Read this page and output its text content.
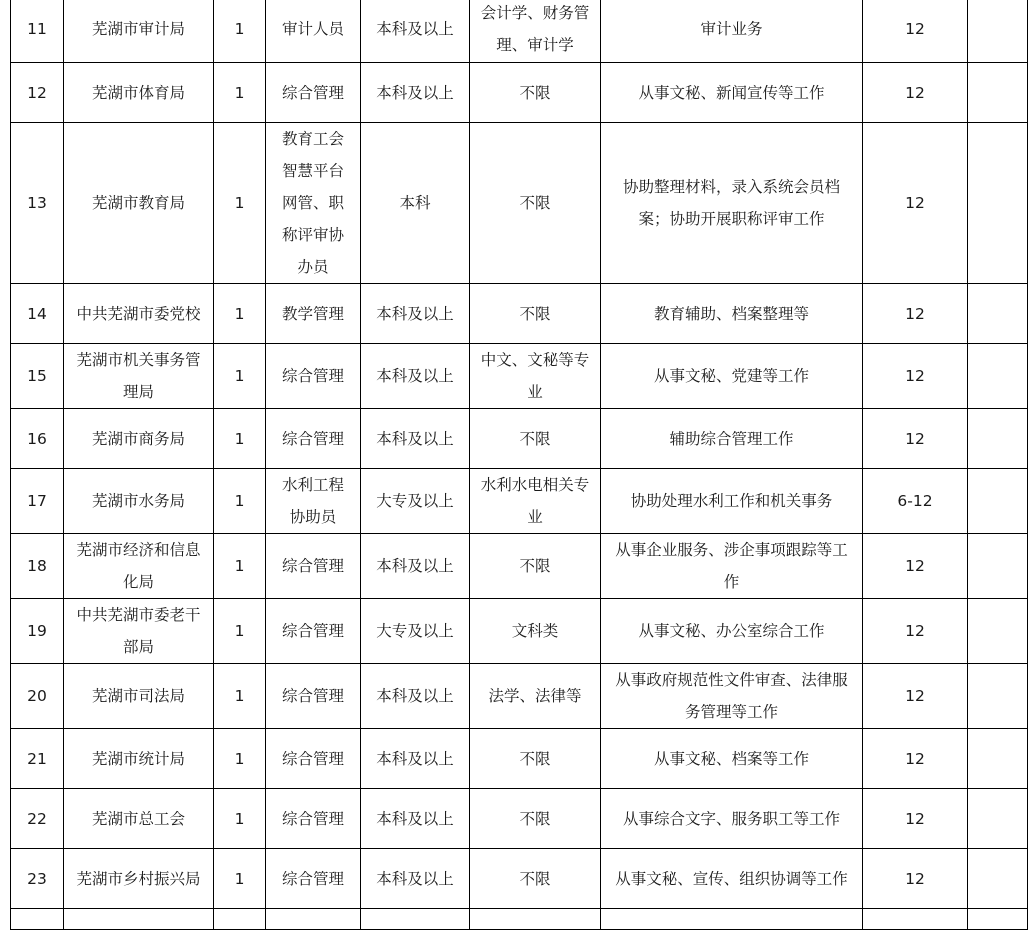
11	芜湖市审计局	1	审计人员	本科及以上	会计学、财务管理、审计学	审计业务	12	
12	芜湖市体育局	1	综合管理	本科及以上	不限	从事文秘、新闻宣传等工作	12	
13	芜湖市教育局	1	教育工会智慧平台网管、职称评审协办员	本科	不限	协助整理材料，录入系统会员档案；协助开展职称评审工作	12	
14	中共芜湖市委党校	1	教学管理	本科及以上	不限	教育辅助、档案整理等	12	
15	芜湖市机关事务管理局	1	综合管理	本科及以上	中文、文秘等专业	从事文秘、党建等工作	12	
16	芜湖市商务局	1	综合管理	本科及以上	不限	辅助综合管理工作	12	
17	芜湖市水务局	1	水利工程协助员	大专及以上	水利水电相关专业	协助处理水利工作和机关事务	6-12	
18	芜湖市经济和信息化局	1	综合管理	本科及以上	不限	从事企业服务、涉企事项跟踪等工作	12	
19	中共芜湖市委老干部局	1	综合管理	大专及以上	文科类	从事文秘、办公室综合工作	12	
20	芜湖市司法局	1	综合管理	本科及以上	法学、法律等	从事政府规范性文件审查、法律服务管理等工作	12	
21	芜湖市统计局	1	综合管理	本科及以上	不限	从事文秘、档案等工作	12	
22	芜湖市总工会	1	综合管理	本科及以上	不限	从事综合文字、服务职工等工作	12	
23	芜湖市乡村振兴局	1	综合管理	本科及以上	不限	从事文秘、宣传、组织协调等工作	12	
